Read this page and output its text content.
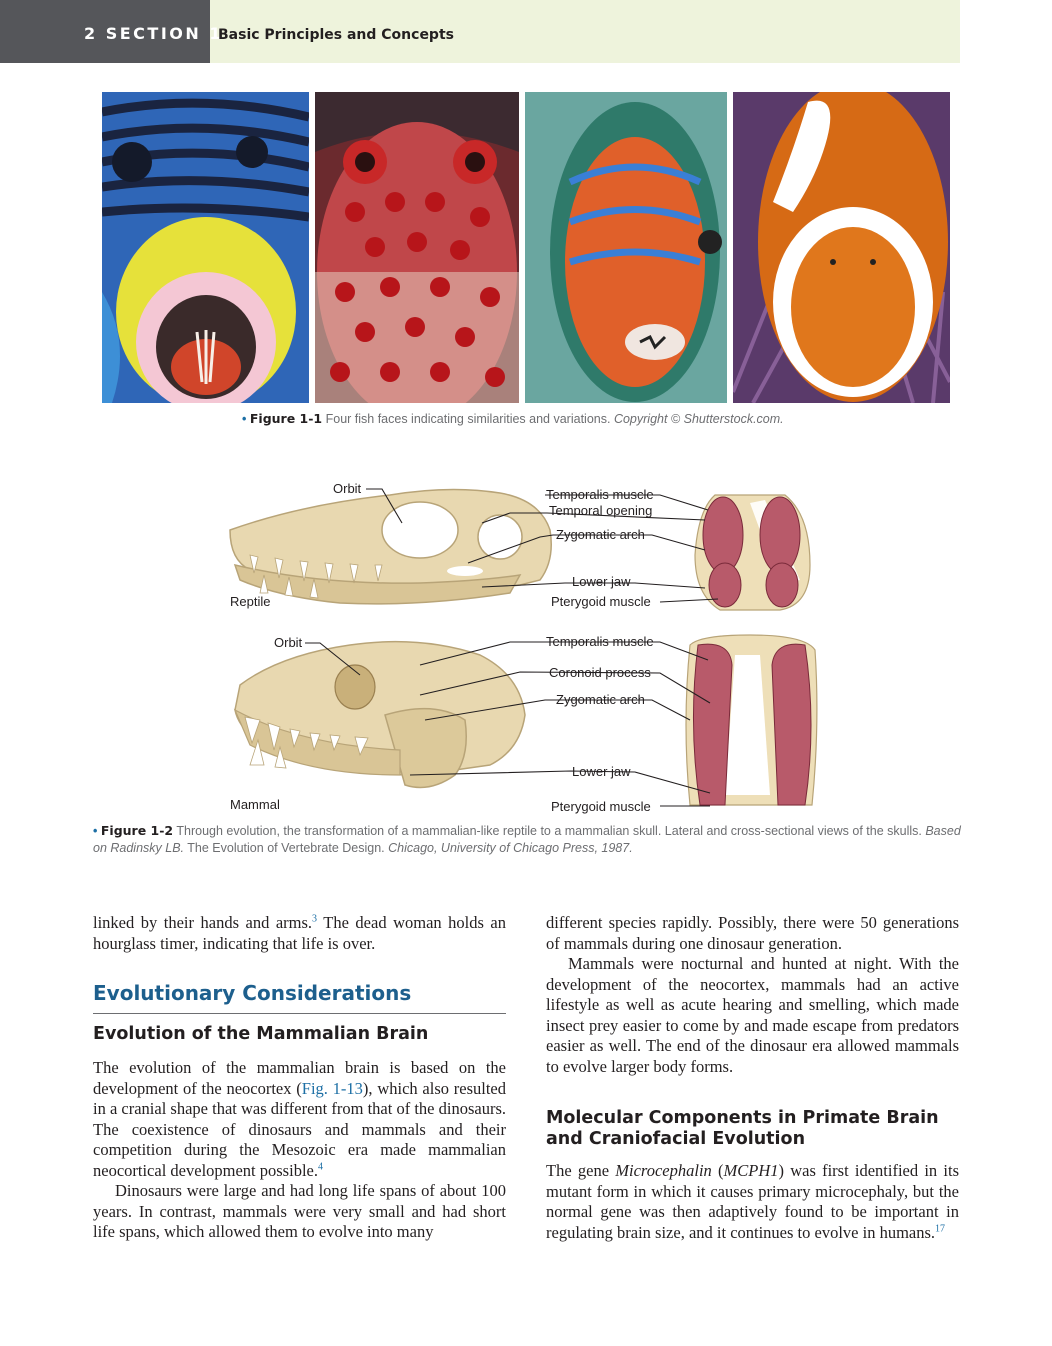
2 SECTION 1
Basic Principles and Concepts
• Figure 1-1 Four fish faces indicating similarities and variations. Copyright © Shutterstock.com.
Reptile
Mammal
Orbit
Orbit
Temporalis muscle
Temporal opening
Zygomatic arch
Lower jaw
Pterygoid muscle
Temporalis muscle
Coronoid process
Zygomatic arch
Lower jaw
Pterygoid muscle
• Figure 1-2 Through evolution, the transformation of a mammalian-like reptile to a mammalian skull. Lateral and cross-sectional views of the skulls. Based on Radinsky LB. The Evolution of Vertebrate Design. Chicago, University of Chicago Press, 1987.

linked by their hands and arms.$^3$ The dead woman holds an hourglass timer, indicating that life is over.

Evolutionary Considerations
Evolution of the Mammalian Brain

The evolution of the mammalian brain is based on the development of the neocortex (Fig. 1-13), which also resulted in a cranial shape that was different from that of the dinosaurs. The coexistence of dinosaurs and mammals and their competition during the Mesozoic era made mammalian neocortical development possible.$^4$

Dinosaurs were large and had long life spans of about 100 years. In contrast, mammals were very small and had short life spans, which allowed them to evolve into many

different species rapidly. Possibly, there were 50 generations of mammals during one dinosaur generation.

Mammals were nocturnal and hunted at night. With the development of the neocortex, mammals had an active lifestyle as well as acute hearing and smelling, which made insect prey easier to come by and made escape from predators easier as well. The end of the dinosaur era allowed mammals to evolve larger body forms.

Molecular Components in Primate Brain and Craniofacial Evolution

The gene Microcephalin (MCPH1) was first identified in its mutant form in which it causes primary microcephaly, but the normal gene was then adaptively found to be important in regulating brain size, and it continues to evolve in humans.$^{17}$
